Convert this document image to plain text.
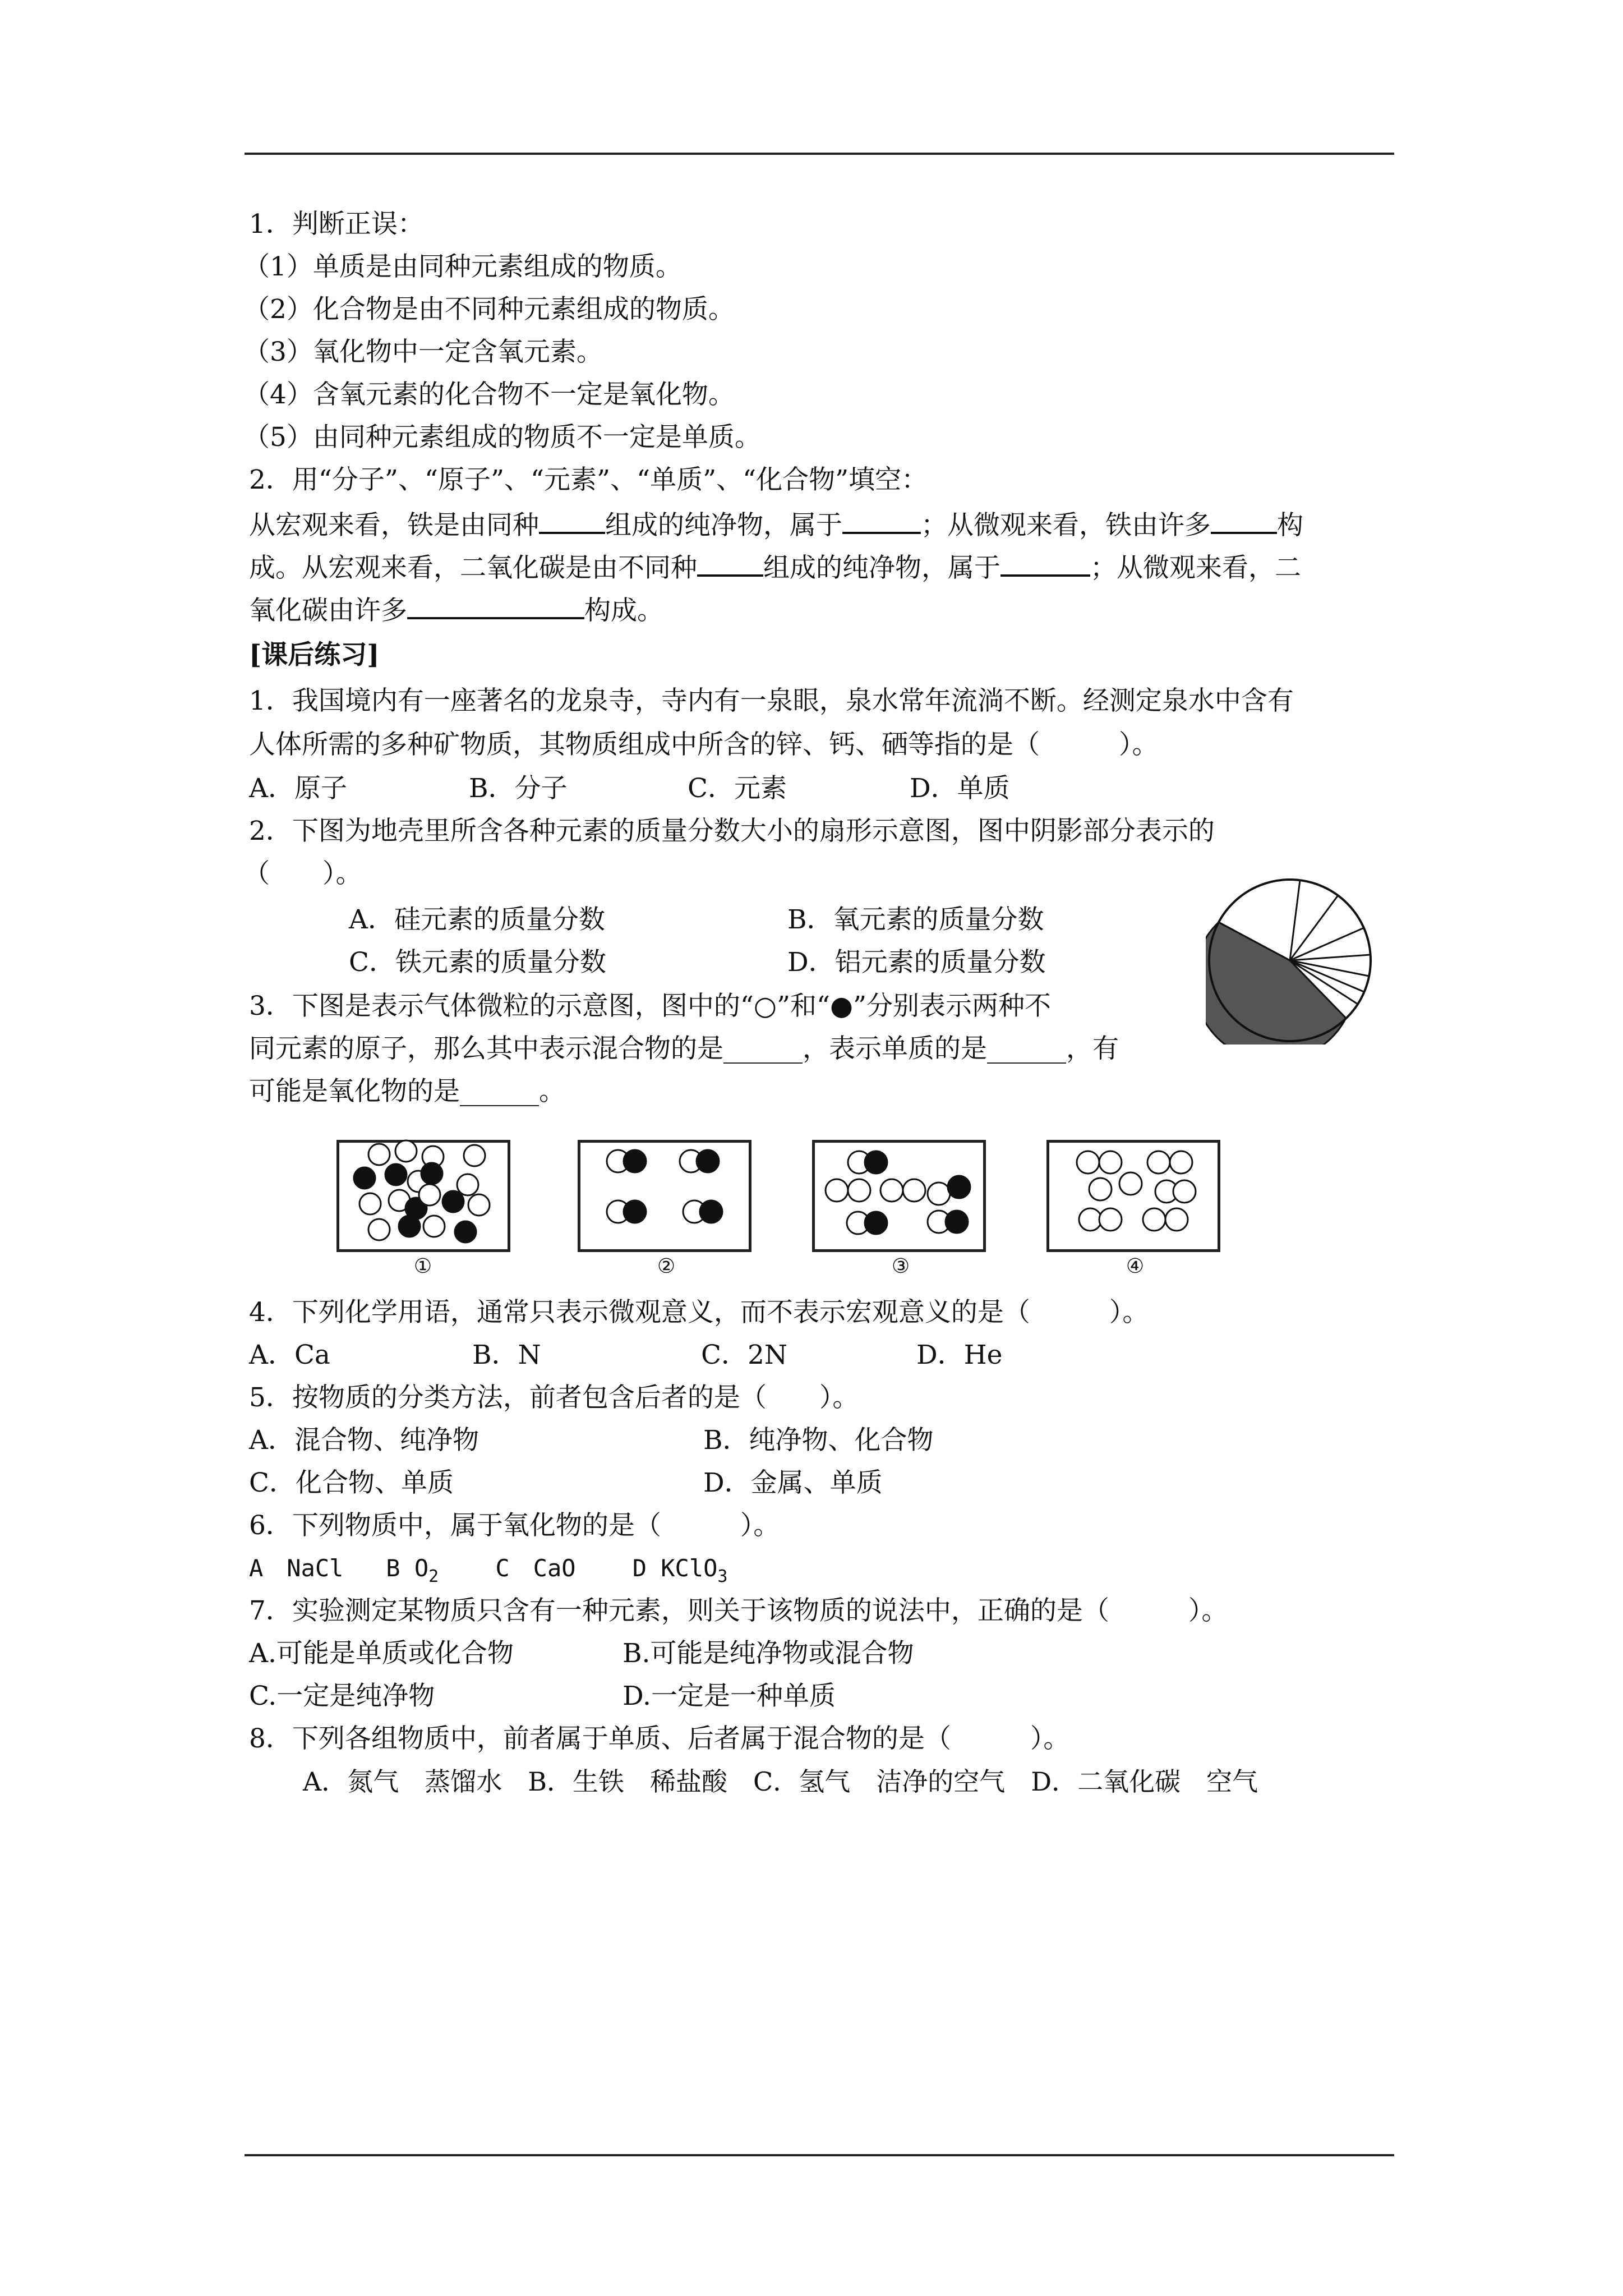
1．判断正误：
（1）单质是由同种元素组成的物质。
（2）化合物是由不同种元素组成的物质。
（3）氧化物中一定含氧元素。
（4）含氧元素的化合物不一定是氧化物。
（5）由同种元素组成的物质不一定是单质。
2．用“分子”、“原子”、“元素”、“单质”、“化合物”填空：
从宏观来看，铁是由同种	组成的纯净物，属于	；从微观来看，铁由许多	构
成。从宏观来看，二氧化碳是由不同种	组成的纯净物，属于	；从微观来看，二
氧化碳由许多	构成。
[课后练习]
1．我国境内有一座著名的龙泉寺，寺内有一泉眼，泉水常年流淌不断。经测定泉水中含有
人体所需的多种矿物质，其物质组成中所含的锌、钙、硒等指的是（　　　）。
A．原子	B．分子	C．元素	D．单质
2．下图为地壳里所含各种元素的质量分数大小的扇形示意图，图中阴影部分表示的
（　　）。
A．硅元素的质量分数	B．氧元素的质量分数
C．铁元素的质量分数	D．铝元素的质量分数
3．下图是表示气体微粒的示意图，图中的“○”和“●”分别表示两种不
同元素的原子，那么其中表示混合物的是______，表示单质的是______，有
可能是氧化物的是______。
①	②	③	④
4．下列化学用语，通常只表示微观意义，而不表示宏观意义的是（　　　）。
A．Ca	B．N	C．2N	D．He
5．按物质的分类方法，前者包含后者的是（　　）。
A．混合物、纯净物	B．纯净物、化合物
C．化合物、单质	D．金属、单质
6．下列物质中，属于氧化物的是（　　　）。
A　NaCl B $O_2$ C　CaO D KClO$_3$
7．实验测定某物质只含有一种元素，则关于该物质的说法中，正确的是（　　　）。
A.可能是单质或化合物	B.可能是纯净物或混合物
C.一定是纯净物	D.一定是一种单质
8．下列各组物质中，前者属于单质、后者属于混合物的是（　　　）。
A．氮气　蒸馏水　B．生铁　稀盐酸　C．氢气　洁净的空气　D．二氧化碳　空气
